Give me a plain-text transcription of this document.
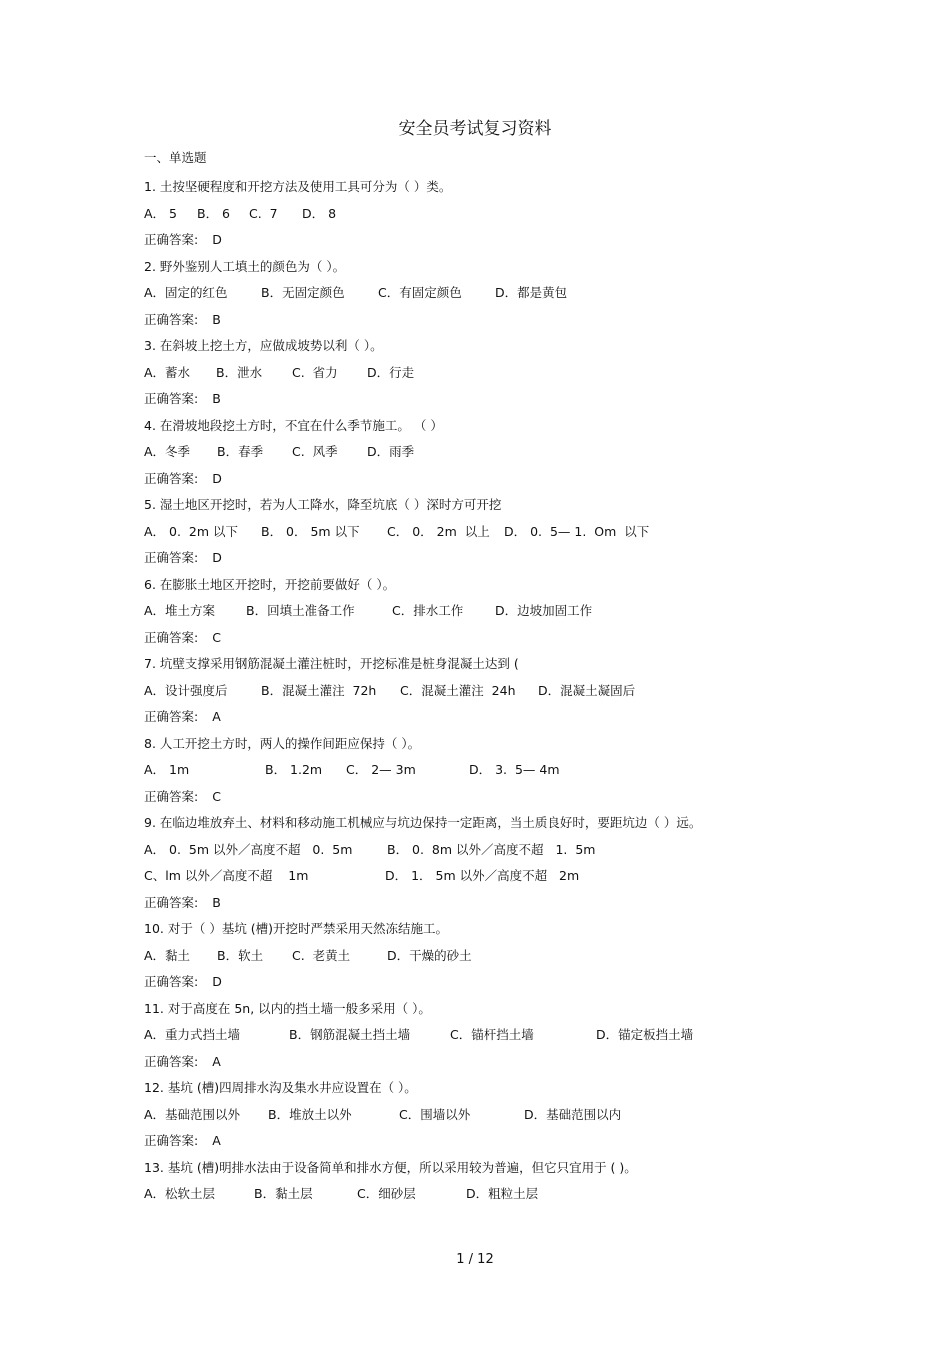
安全员考试复习资料
一、单选题
1. 土按坚硬程度和开挖方法及使用工具可分为（ ）类。
A． 5 B． 6 C.  7 D． 8
正确答案: D
2. 野外鉴别人工填土的颜色为（ ）。
A．固定的红色	B．无固定颜色	C．有固定颜色	D．都是黄包
正确答案: B
3. 在斜坡上挖土方，应做成坡势以利（ ）。
A．蓄水 B．泄水 C.  省力 D．行走
正确答案: B
4. 在滑坡地段挖土方时，不宜在什么季节施工。 （ ）
A．冬季 B．春季 C.  风季 D．雨季
正确答案: D
5. 湿土地区开挖时，若为人工降水，降至坑底（ ）深时方可开挖
A． 0.  2m 以下 B． 0． 5m 以下 C． 0． 2m  以上 D． 0.  5— 1.  Om  以下
正确答案: D
6. 在膨胀土地区开挖时，开挖前要做好（ ）。
A．堆土方案 B．回填土准备工作	C．排水工作	D．边坡加固工作
正确答案: C
7. 坑壁支撑采用钢筋混凝土灌注桩时，开挖标准是桩身混凝土达到 (
A．设计强度后	B．混凝土灌注  72h C．混凝土灌注  24h D．混凝土凝固后
正确答案: A
8. 人工开挖土方时，两人的操作间距应保持（ ）。
A． 1m	B． 1.2m C． 2— 3m	D． 3.  5— 4m
正确答案: C
9. 在临边堆放弃土、材料和移动施工机械应与坑边保持一定距离，当土质良好时，要距坑边（ ）远。
A． 0.  5m 以外／高度不超   0.  5m	B． 0.  8m 以外／高度不超   1.  5m
C、lm 以外／高度不超    1m	D． 1． 5m 以外／高度不超   2m
正确答案: B
10. 对于（ ）基坑 (槽)开挖时严禁采用天然冻结施工。
A．黏土 B．软土 C.  老黄土	D．干燥的砂土
正确答案: D
11. 对于高度在 5n, 以内的挡土墙一般多采用（ ）。
A．重力式挡土墙	B．钢筋混凝土挡土墙	C．锚杆挡土墙	D．锚定板挡土墙
正确答案: A
12. 基坑 (槽)四周排水沟及集水井应设置在（ ）。
A．基础范围以外 B．堆放土以外	C．围墙以外	D．基础范围以内
正确答案: A
13. 基坑 (槽)明排水法由于设备简单和排水方便，所以采用较为普遍，但它只宜用于 ( )。
A．松软土层	B．黏土层	C．细砂层	D．粗粒土层
1 / 12
